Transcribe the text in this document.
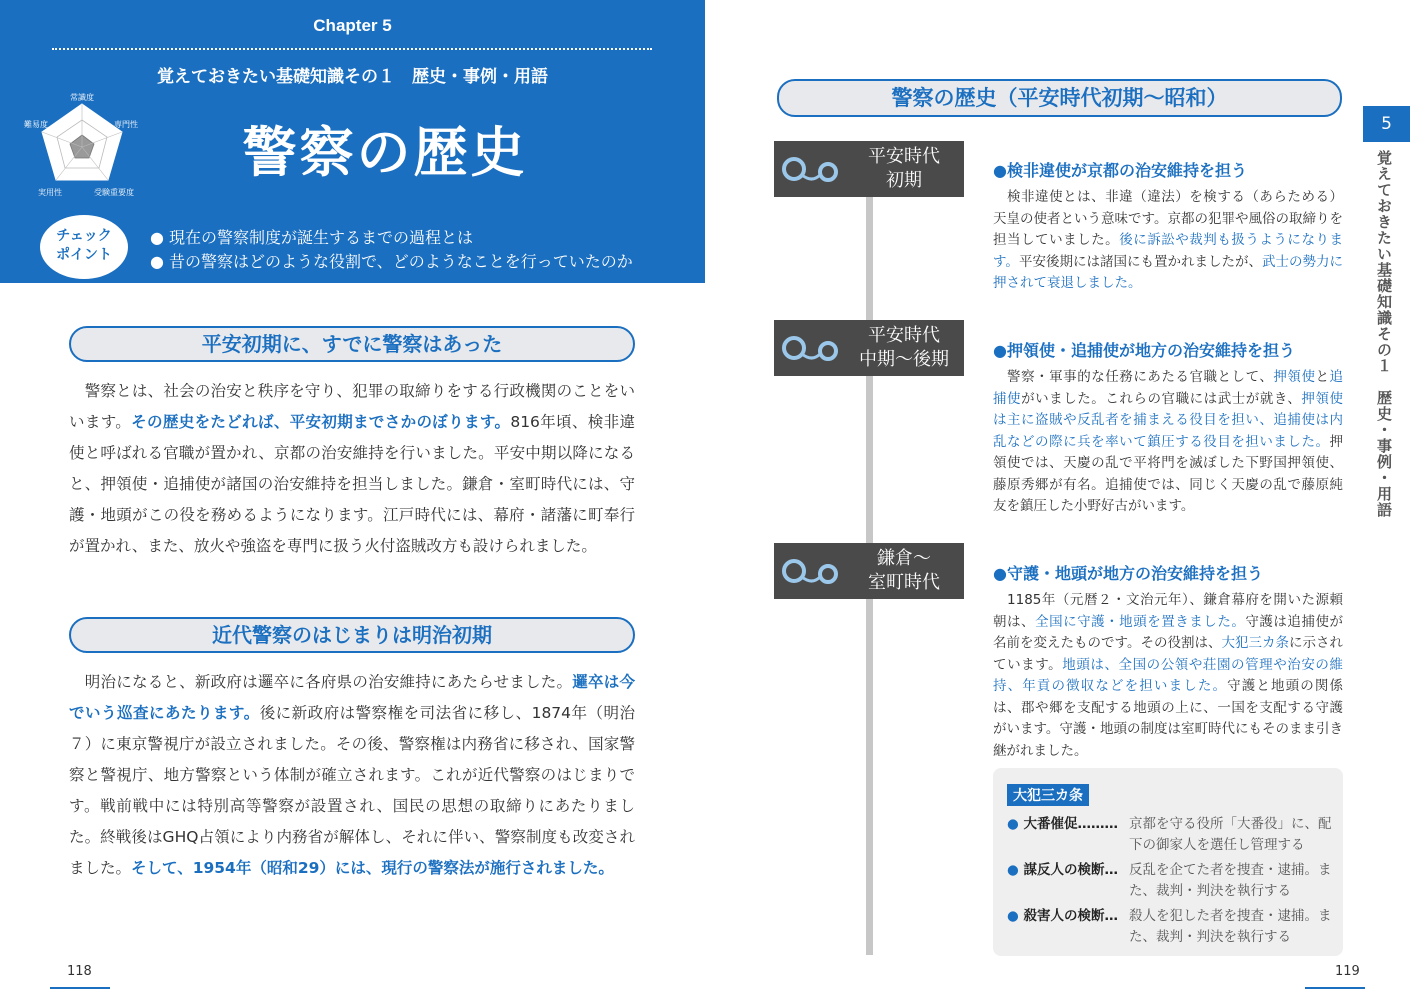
Chapter 5
覚えておきたい基礎知識その１　歴史・事例・用語
常識度
専門性
受験重要度
実用性
難易度	警察の歴史
チェック
ポイント
● 現在の警察制度が誕生するまでの過程とは
● 昔の警察はどのような役割で、どのようなことを行っていたのか
平安初期に、すでに警察はあった
　警察とは、社会の治安と秩序を守り、犯罪の取締りをする行政機関のことをいいます。その歴史をたどれば、平安初期までさかのぼります。816年頃、検非違使と呼ばれる官職が置かれ、京都の治安維持を行いました。平安中期以降になると、押領使・追捕使が諸国の治安維持を担当しました。鎌倉・室町時代には、守護・地頭がこの役を務めるようになります。江戸時代には、幕府・諸藩に町奉行が置かれ、また、放火や強盗を専門に扱う火付盗賊改方も設けられました。
近代警察のはじまりは明治初期
　明治になると、新政府は邏卒に各府県の治安維持にあたらせました。邏卒は今でいう巡査にあたります。後に新政府は警察権を司法省に移し、1874年（明治７）に東京警視庁が設立されました。その後、警察権は内務省に移され、国家警察と警視庁、地方警察という体制が確立されます。これが近代警察のはじまりです。戦前戦中には特別高等警察が設置され、国民の思想の取締りにあたりました。終戦後はGHQ占領により内務省が解体し、それに伴い、警察制度も改変されました。そして、1954年（昭和29）には、現行の警察法が施行されました。
118
警察の歴史（平安時代初期～昭和）
5
覚えておきたい基礎知識その１　歴史・事例・用語
平安時代
初期	●検非違使が京都の治安維持を担う
　検非違使とは、非違（違法）を検する（あらためる）天皇の使者という意味です。京都の犯罪や風俗の取締りを担当していました。後に訴訟や裁判も扱うようになります。平安後期には諸国にも置かれましたが、武士の勢力に押されて衰退しました。
平安時代
中期～後期	●押領使・追捕使が地方の治安維持を担う
　警察・軍事的な任務にあたる官職として、押領使と追捕使がいました。これらの官職には武士が就き、押領使は主に盗賊や反乱者を捕まえる役目を担い、追捕使は内乱などの際に兵を率いて鎮圧する役目を担いました。押領使では、天慶の乱で平将門を滅ぼした下野国押領使、藤原秀郷が有名。追捕使では、同じく天慶の乱で藤原純友を鎮圧した小野好古がいます。
鎌倉～
室町時代	●守護・地頭が地方の治安維持を担う
　1185年（元暦２・文治元年）、鎌倉幕府を開いた源頼朝は、全国に守護・地頭を置きました。守護は追捕使が名前を変えたものです。その役割は、大犯三カ条に示されています。地頭は、全国の公領や荘園の管理や治安の維持、年貢の徴収などを担いました。守護と地頭の関係は、郡や郷を支配する地頭の上に、一国を支配する守護がいます。守護・地頭の制度は室町時代にもそのまま引き継がれました。
大犯三カ条
● 大番催促……… 京都を守る役所「大番役」に、配下の御家人を選任し管理する
● 謀反人の検断… 反乱を企てた者を捜査・逮捕。また、裁判・判決を執行する
● 殺害人の検断… 殺人を犯した者を捜査・逮捕。また、裁判・判決を執行する
119
